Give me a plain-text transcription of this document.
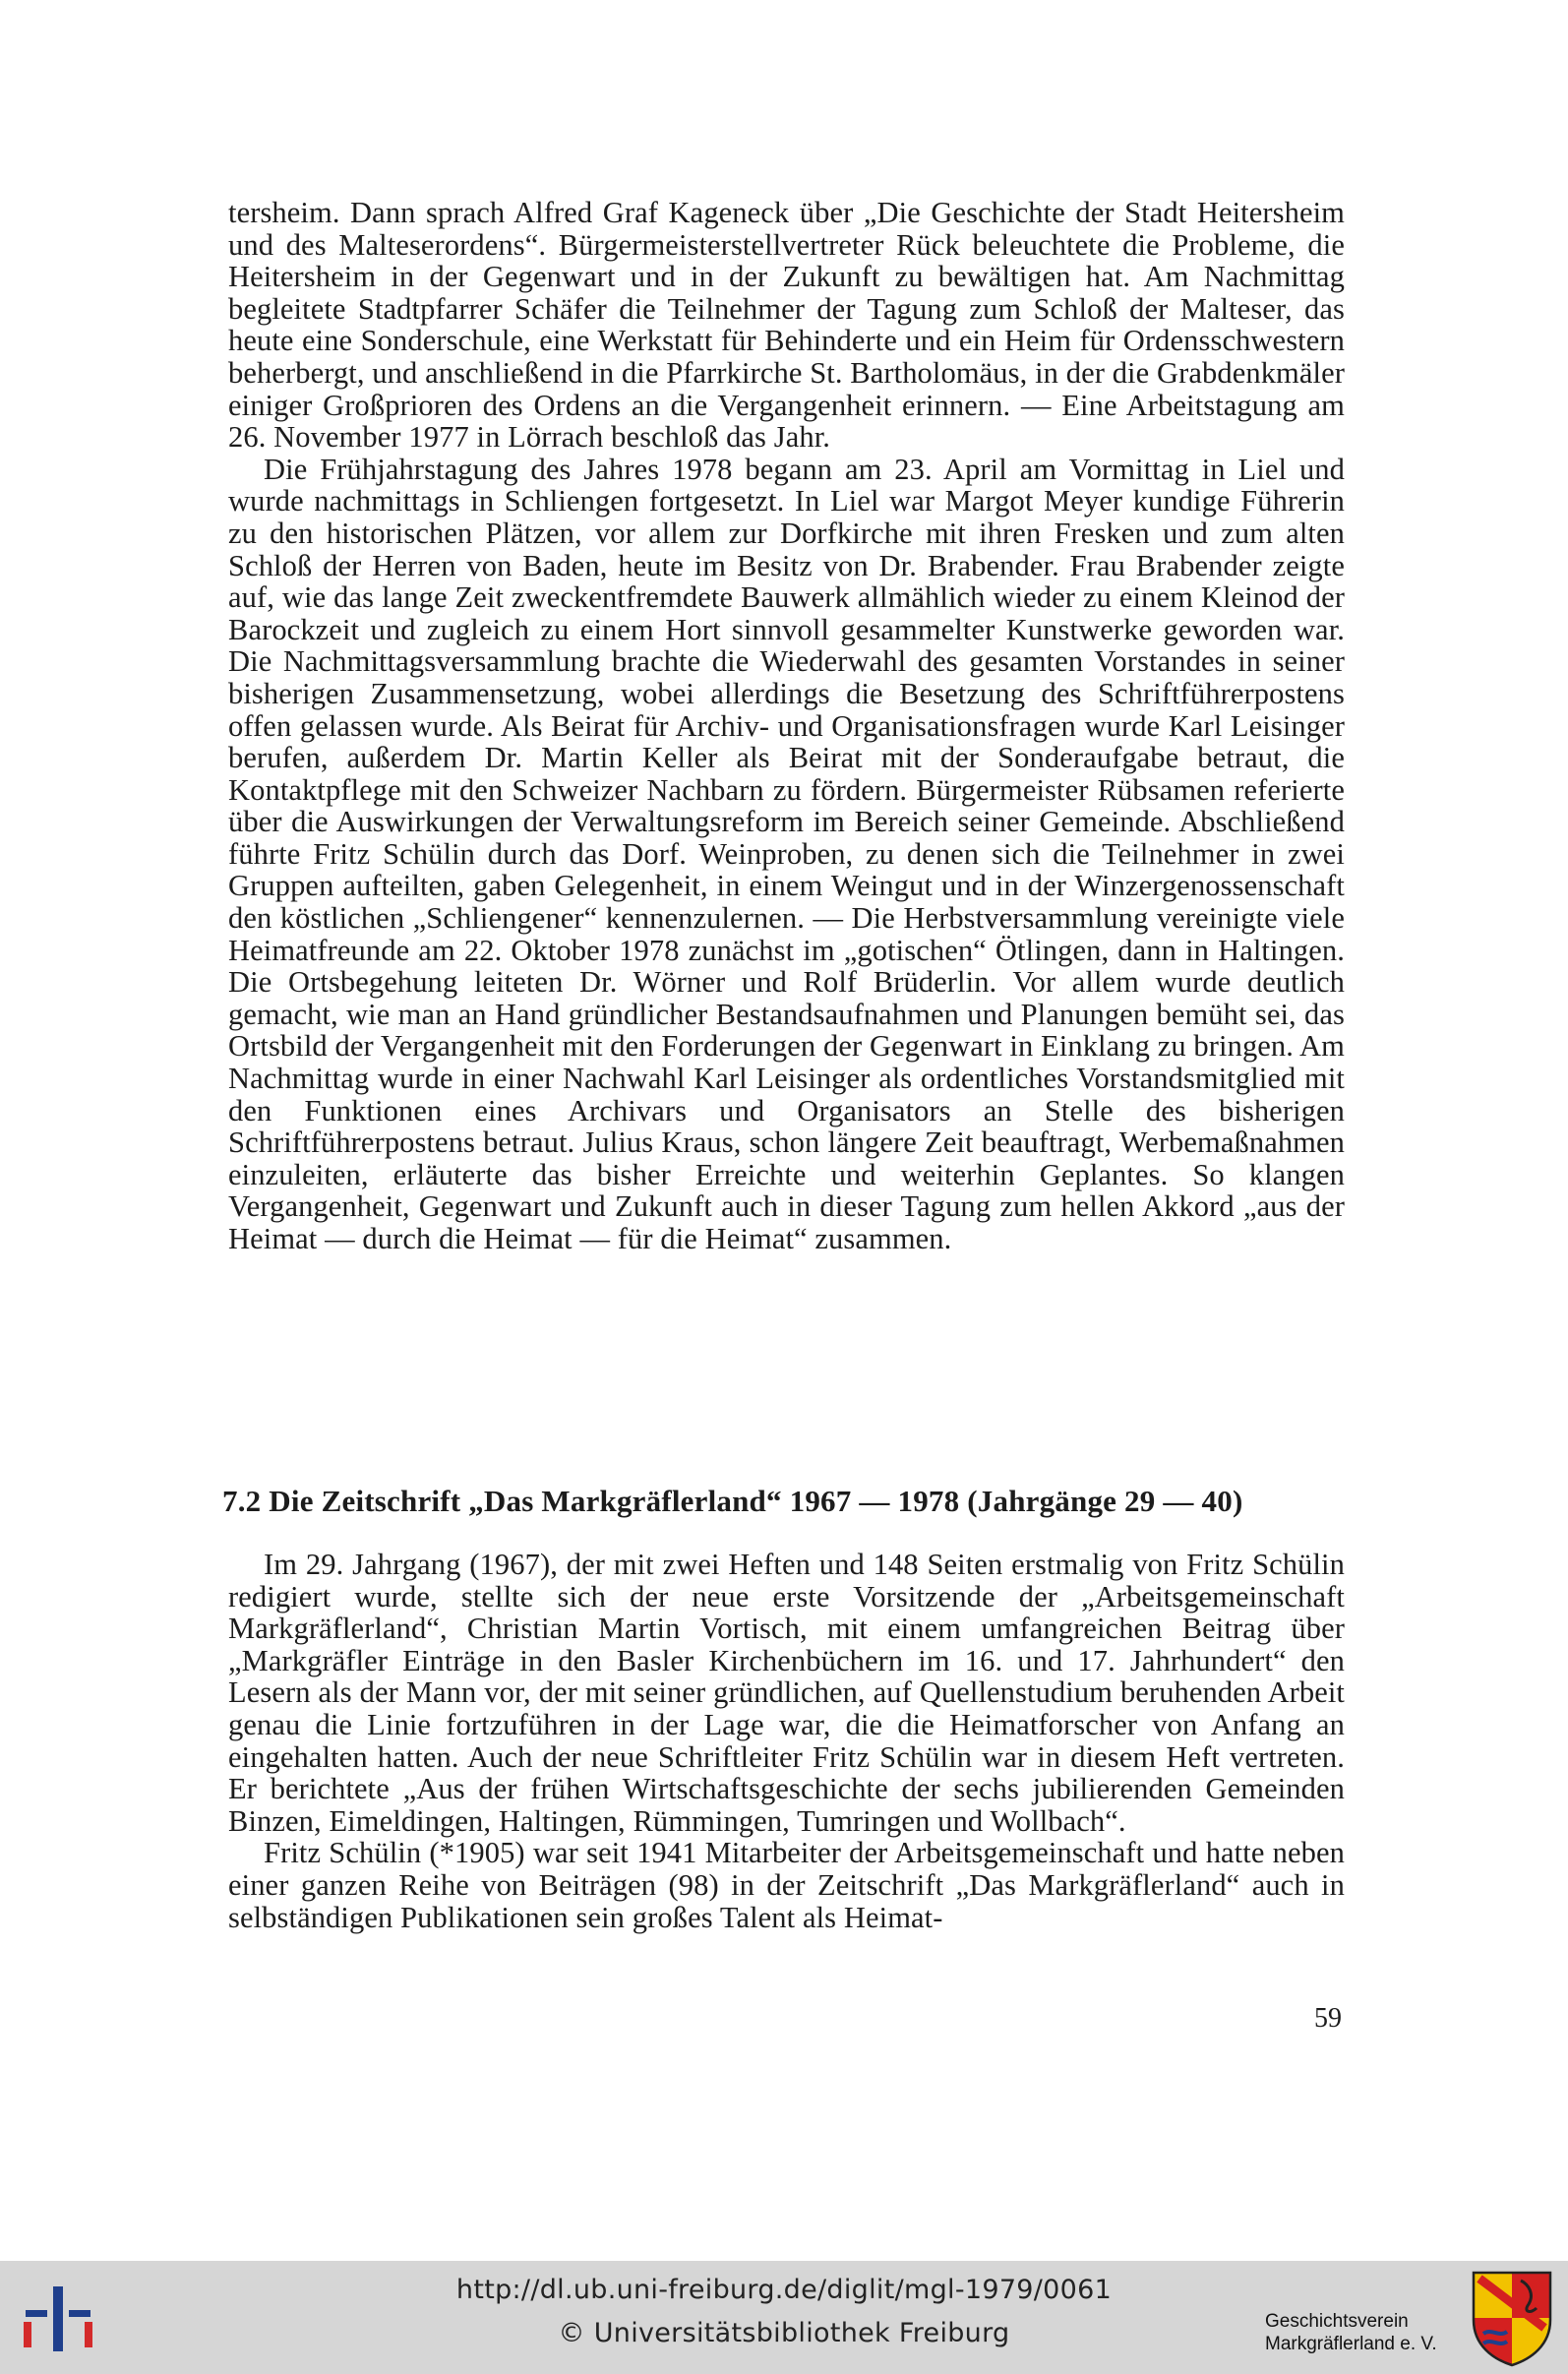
tersheim. Dann sprach Alfred Graf Kageneck über „Die Geschichte der Stadt Heitersheim und des Malteserordens“. Bürgermeisterstellvertreter Rück beleuchtete die Probleme, die Heitersheim in der Gegenwart und in der Zukunft zu bewältigen hat. Am Nachmittag begleitete Stadtpfarrer Schäfer die Teilnehmer der Tagung zum Schloß der Malteser, das heute eine Sonderschule, eine Werkstatt für Behinderte und ein Heim für Ordensschwestern beherbergt, und anschließend in die Pfarrkirche St. Bartholomäus, in der die Grabdenkmäler einiger Großprioren des Ordens an die Vergangenheit erinnern. — Eine Arbeitstagung am 26. November 1977 in Lörrach beschloß das Jahr.

Die Frühjahrstagung des Jahres 1978 begann am 23. April am Vormittag in Liel und wurde nachmittags in Schliengen fortgesetzt. In Liel war Margot Meyer kundige Führerin zu den historischen Plätzen, vor allem zur Dorfkirche mit ihren Fresken und zum alten Schloß der Herren von Baden, heute im Besitz von Dr. Brabender. Frau Brabender zeigte auf, wie das lange Zeit zweckentfremdete Bauwerk allmählich wieder zu einem Kleinod der Barockzeit und zugleich zu einem Hort sinnvoll gesammelter Kunstwerke geworden war. Die Nachmittagsversammlung brachte die Wiederwahl des gesamten Vorstandes in seiner bisherigen Zusammensetzung, wobei allerdings die Besetzung des Schriftführerpostens offen gelassen wurde. Als Beirat für Archiv- und Organisationsfragen wurde Karl Leisinger berufen, außerdem Dr. Martin Keller als Beirat mit der Sonderaufgabe betraut, die Kontaktpflege mit den Schweizer Nachbarn zu fördern. Bürgermeister Rübsamen referierte über die Auswirkungen der Verwaltungsreform im Bereich seiner Gemeinde. Abschließend führte Fritz Schülin durch das Dorf. Weinproben, zu denen sich die Teilnehmer in zwei Gruppen aufteilten, gaben Gelegenheit, in einem Weingut und in der Winzergenossenschaft den köstlichen „Schliengener“ kennenzulernen. — Die Herbstversammlung vereinigte viele Heimatfreunde am 22. Oktober 1978 zunächst im „gotischen“ Ötlingen, dann in Haltingen. Die Ortsbegehung leiteten Dr. Wörner und Rolf Brüderlin. Vor allem wurde deutlich gemacht, wie man an Hand gründlicher Bestandsaufnahmen und Planungen bemüht sei, das Ortsbild der Vergangenheit mit den Forderungen der Gegenwart in Einklang zu bringen. Am Nachmittag wurde in einer Nachwahl Karl Leisinger als ordentliches Vorstandsmitglied mit den Funktionen eines Archivars und Organisators an Stelle des bisherigen Schriftführerpostens betraut. Julius Kraus, schon längere Zeit beauftragt, Werbemaßnahmen einzuleiten, erläuterte das bisher Erreichte und weiterhin Geplantes. So klangen Vergangenheit, Gegenwart und Zukunft auch in dieser Tagung zum hellen Akkord „aus der Heimat — durch die Heimat — für die Heimat“ zusammen.

7.2 Die Zeitschrift „Das Markgräflerland“ 1967 — 1978 (Jahrgänge 29 — 40)

Im 29. Jahrgang (1967), der mit zwei Heften und 148 Seiten erstmalig von Fritz Schülin redigiert wurde, stellte sich der neue erste Vorsitzende der „Arbeitsgemeinschaft Markgräflerland“, Christian Martin Vortisch, mit einem umfangreichen Beitrag über „Markgräfler Einträge in den Basler Kirchenbüchern im 16. und 17. Jahrhundert“ den Lesern als der Mann vor, der mit seiner gründlichen, auf Quellenstudium beruhenden Arbeit genau die Linie fortzuführen in der Lage war, die die Heimatforscher von Anfang an eingehalten hatten. Auch der neue Schriftleiter Fritz Schülin war in diesem Heft vertreten. Er berichtete „Aus der frühen Wirtschaftsgeschichte der sechs jubilierenden Gemeinden Binzen, Eimeldingen, Haltingen, Rümmingen, Tumringen und Wollbach“.

Fritz Schülin (*1905) war seit 1941 Mitarbeiter der Arbeitsgemeinschaft und hatte neben einer ganzen Reihe von Beiträgen (98) in der Zeitschrift „Das Markgräflerland“ auch in selbständigen Publikationen sein großes Talent als Heimat-

59
http://dl.ub.uni-freiburg.de/diglit/mgl-1979/0061
© Universitätsbibliothek Freiburg	Geschichtsverein
Markgräflerland e. V.
